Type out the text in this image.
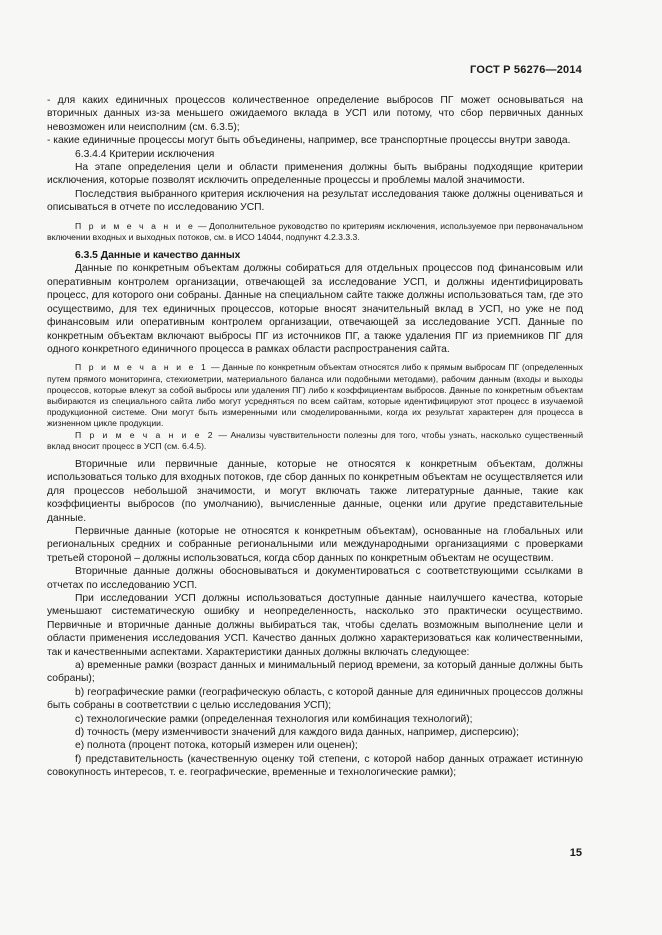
ГОСТ Р 56276—2014

- для каких единичных процессов количественное определение выбросов ПГ может основываться на вторичных данных из-за меньшего ожидаемого вклада в УСП или потому, что сбор первичных данных невозможен или неисполним (см. 6.3.5);

- какие единичные процессы могут быть объединены, например, все транспортные процессы внутри завода.

6.3.4.4 Критерии исключения

На этапе определения цели и области применения должны быть выбраны подходящие критерии исключения, которые позволят исключить определенные процессы и проблемы малой значимости.

Последствия выбранного критерия исключения на результат исследования также должны оцениваться и описываться в отчете по исследованию УСП.

П р и м е ч а н и е — Дополнительное руководство по критериям исключения, используемое при первоначальном включении входных и выходных потоков, см. в ИСО 14044, подпункт 4.2.3.3.3.

6.3.5 Данные и качество данных

Данные по конкретным объектам должны собираться для отдельных процессов под финансовым или оперативным контролем организации, отвечающей за исследование УСП, и должны идентифицировать процесс, для которого они собраны. Данные на специальном сайте также должны использоваться там, где это осуществимо, для тех единичных процессов, которые вносят значительный вклад в УСП, но уже не под финансовым или оперативным контролем организации, отвечающей за исследование УСП. Данные по конкретным объектам включают выбросы ПГ из источников ПГ, а также удаления ПГ из приемников ПГ для одного конкретного единичного процесса в рамках области распространения сайта.

П р и м е ч а н и е 1 — Данные по конкретным объектам относятся либо к прямым выбросам ПГ (определенных путем прямого мониторинга, стехиометрии, материального баланса или подобными методами), рабочим данным (входы и выходы процессов, которые влекут за собой выбросы или удаления ПГ) либо к коэффициентам выбросов. Данные по конкретным объектам выбираются из специального сайта либо могут усредняться по всем сайтам, которые идентифицируют этот процесс в изучаемой продукционной системе. Они могут быть измеренными или смоделированными, когда их результат характерен для процесса в жизненном цикле продукции.

П р и м е ч а н и е 2 — Анализы чувствительности полезны для того, чтобы узнать, насколько существенный вклад вносит процесс в УСП (см. 6.4.5).

Вторичные или первичные данные, которые не относятся к конкретным объектам, должны использоваться только для входных потоков, где сбор данных по конкретным объектам не осуществляется или для процессов небольшой значимости, и могут включать также литературные данные, такие как коэффициенты выбросов (по умолчанию), вычисленные данные, оценки или другие представительные данные.

Первичные данные (которые не относятся к конкретным объектам), основанные на глобальных или региональных средних и собранные региональными или международными организациями с проверками третьей стороной – должны использоваться, когда сбор данных по конкретным объектам не осуществим.

Вторичные данные должны обосновываться и документироваться с соответствующими ссылками в отчетах по исследованию УСП.

При исследовании УСП должны использоваться доступные данные наилучшего качества, которые уменьшают систематическую ошибку и неопределенность, насколько это практически осуществимо. Первичные и вторичные данные должны выбираться так, чтобы сделать возможным выполнение цели и области применения исследования УСП. Качество данных должно характеризоваться как количественными, так и качественными аспектами. Характеристики данных должны включать следующее:

a) временные рамки (возраст данных и минимальный период времени, за который данные должны быть собраны);

b) географические рамки (географическую область, с которой данные для единичных процессов должны быть собраны в соответствии с целью исследования УСП);

c) технологические рамки (определенная технология или комбинация технологий);

d) точность (меру изменчивости значений для каждого вида данных, например, дисперсию);

e) полнота (процент потока, который измерен или оценен);

f) представительность (качественную оценку той степени, с которой набор данных отражает истинную совокупность интересов, т. е. географические, временные и технологические рамки);

15
